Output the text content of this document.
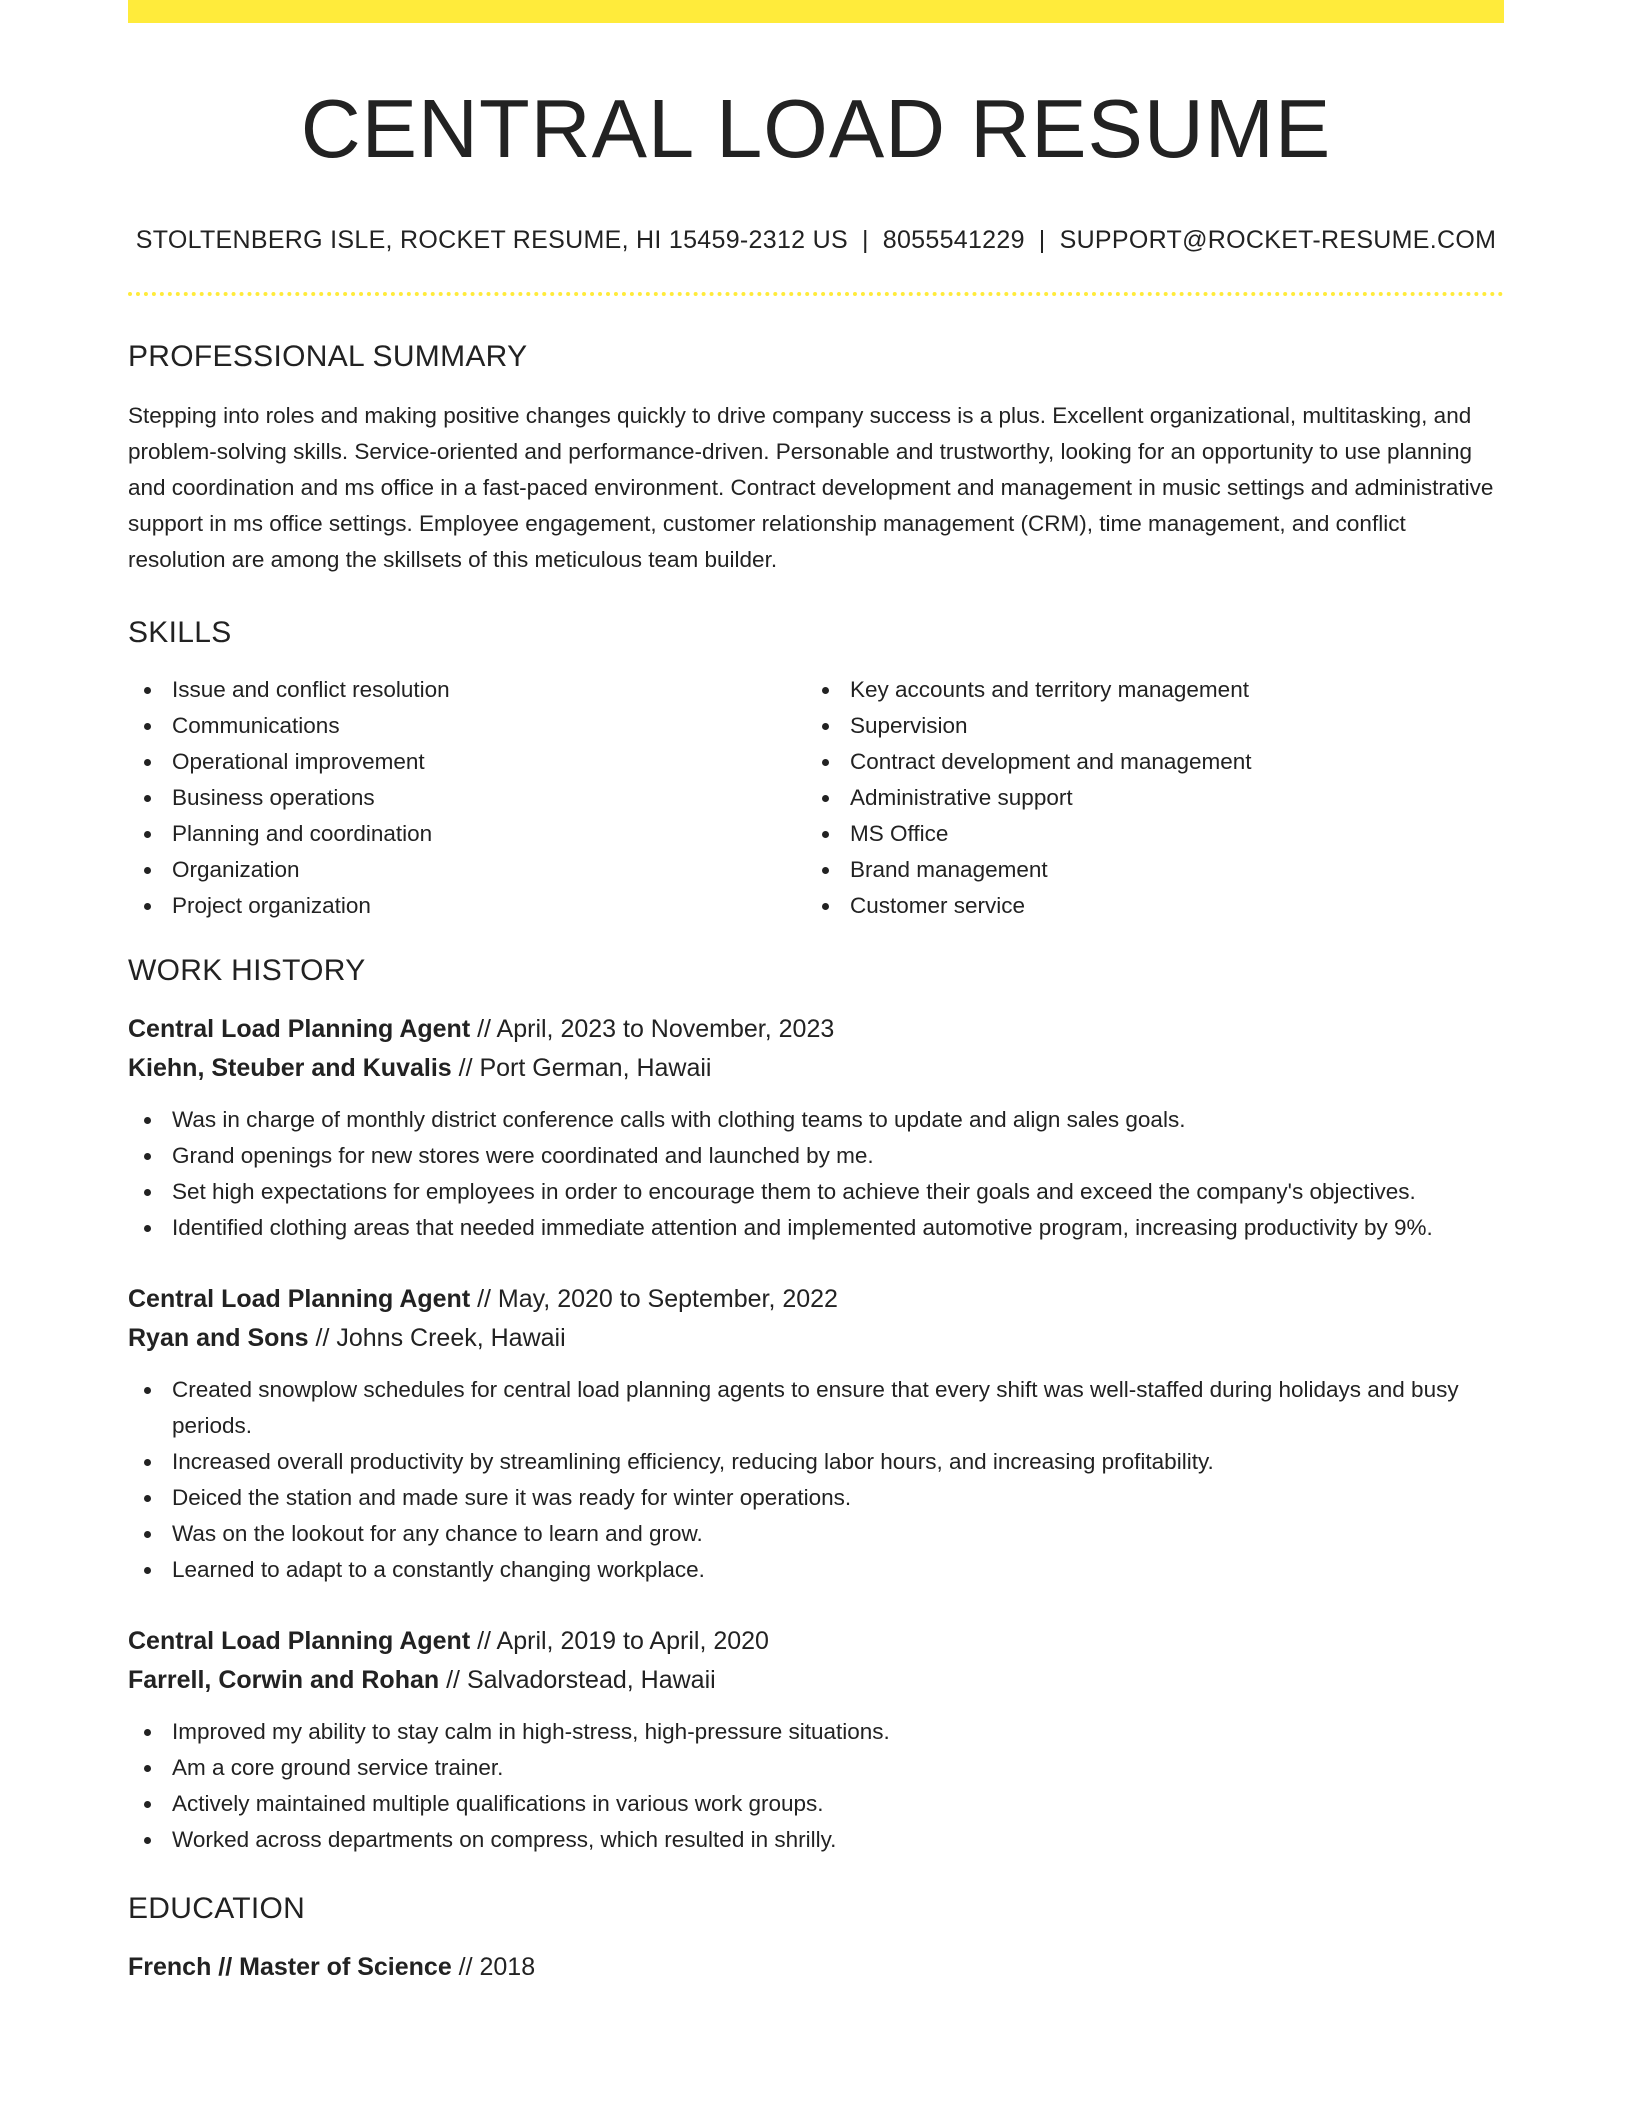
CENTRAL LOAD RESUME
STOLTENBERG ISLE, ROCKET RESUME, HI 15459-2312 US | 8055541229 | SUPPORT@ROCKET-RESUME.COM
PROFESSIONAL SUMMARY

Stepping into roles and making positive changes quickly to drive company success is a plus. Excellent organizational, multitasking, and problem-solving skills. Service-oriented and performance-driven. Personable and trustworthy, looking for an opportunity to use planning and coordination and ms office in a fast-paced environment. Contract development and management in music settings and administrative support in ms office settings. Employee engagement, customer relationship management (CRM), time management, and conflict resolution are among the skillsets of this meticulous team builder.

SKILLS
Issue and conflict resolution
Communications
Operational improvement
Business operations
Planning and coordination
Organization
Project organization
Key accounts and territory management
Supervision
Contract development and management
Administrative support
MS Office
Brand management
Customer service
WORK HISTORY
Central Load Planning Agent // April, 2023 to November, 2023
Kiehn, Steuber and Kuvalis // Port German, Hawaii
Was in charge of monthly district conference calls with clothing teams to update and align sales goals.
Grand openings for new stores were coordinated and launched by me.
Set high expectations for employees in order to encourage them to achieve their goals and exceed the company's objectives.
Identified clothing areas that needed immediate attention and implemented automotive program, increasing productivity by 9%.
Central Load Planning Agent // May, 2020 to September, 2022
Ryan and Sons // Johns Creek, Hawaii
Created snowplow schedules for central load planning agents to ensure that every shift was well-staffed during holidays and busy periods.
Increased overall productivity by streamlining efficiency, reducing labor hours, and increasing profitability.
Deiced the station and made sure it was ready for winter operations.
Was on the lookout for any chance to learn and grow.
Learned to adapt to a constantly changing workplace.
Central Load Planning Agent // April, 2019 to April, 2020
Farrell, Corwin and Rohan // Salvadorstead, Hawaii
Improved my ability to stay calm in high-stress, high-pressure situations.
Am a core ground service trainer.
Actively maintained multiple qualifications in various work groups.
Worked across departments on compress, which resulted in shrilly.
EDUCATION
French // Master of Science // 2018
